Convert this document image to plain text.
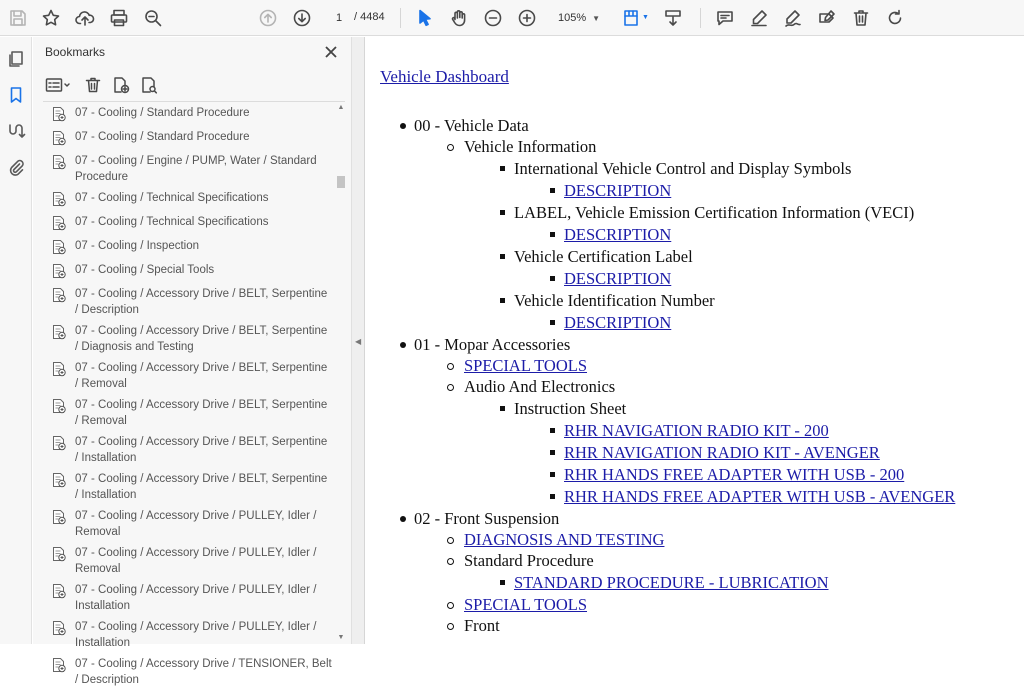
1
/ 4484	105% ▼	▼
Bookmarks
07 - Cooling / Standard Procedure
07 - Cooling / Standard Procedure
07 - Cooling / Engine / PUMP, Water / Standard Procedure
07 - Cooling / Technical Specifications
07 - Cooling / Technical Specifications
07 - Cooling / Inspection
07 - Cooling / Special Tools
07 - Cooling / Accessory Drive / BELT, Serpentine / Description
07 - Cooling / Accessory Drive / BELT, Serpentine / Diagnosis and Testing
07 - Cooling / Accessory Drive / BELT, Serpentine / Removal
07 - Cooling / Accessory Drive / BELT, Serpentine / Removal
07 - Cooling / Accessory Drive / BELT, Serpentine / Installation
07 - Cooling / Accessory Drive / BELT, Serpentine / Installation
07 - Cooling / Accessory Drive / PULLEY, Idler / Removal
07 - Cooling / Accessory Drive / PULLEY, Idler / Removal
07 - Cooling / Accessory Drive / PULLEY, Idler / Installation
07 - Cooling / Accessory Drive / PULLEY, Idler / Installation
07 - Cooling / Accessory Drive / TENSIONER, Belt / Description
▲
▼
◀
Vehicle Dashboard
00 - Vehicle Data
Vehicle Information
International Vehicle Control and Display Symbols
DESCRIPTION
LABEL, Vehicle Emission Certification Information (VECI)
DESCRIPTION
Vehicle Certification Label
DESCRIPTION
Vehicle Identification Number
DESCRIPTION
01 - Mopar Accessories
SPECIAL TOOLS
Audio And Electronics
Instruction Sheet
RHR NAVIGATION RADIO KIT - 200
RHR NAVIGATION RADIO KIT - AVENGER
RHR HANDS FREE ADAPTER WITH USB - 200
RHR HANDS FREE ADAPTER WITH USB - AVENGER
02 - Front Suspension
DIAGNOSIS AND TESTING
Standard Procedure
STANDARD PROCEDURE - LUBRICATION
SPECIAL TOOLS
Front
